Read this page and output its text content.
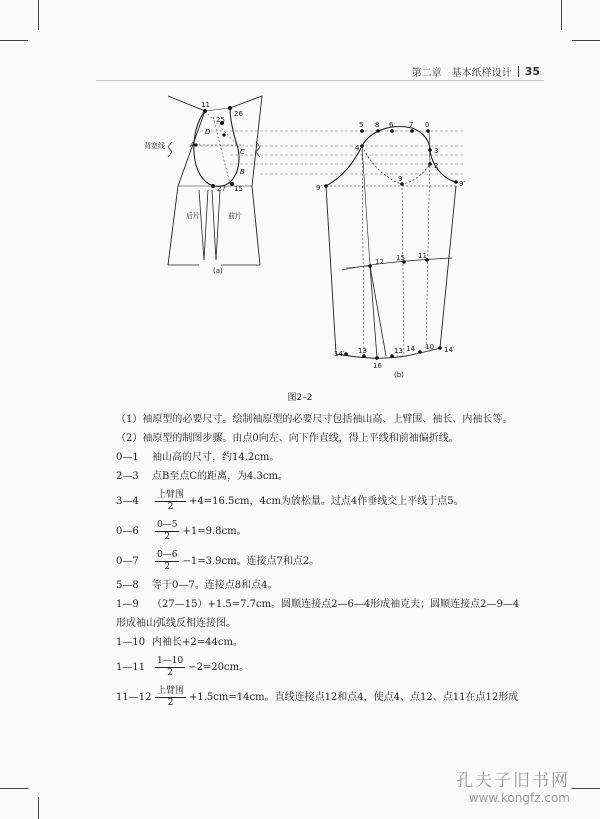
第二章　基本纸样设计 35
背宽线
11
25
26
D
A
C
B
27 15
后片	前片
(a)
5 8 6 7 0
4	3
2
9
9′	9′
12 15 11
14′ 13
16
13 14 10 14′
(b)
图2–2

（1）袖原型的必要尺寸。绘制袖原型的必要尺寸包括袖山高、上臂围、袖长、内袖长等。

（2）袖原型的制图步骤。由点0向左、向下作直线，得上平线和前袖偏折线。

0—1	袖山高的尺寸，约14.2cm。
2—3	点B至点C的距离，为4.3cm。
3—4	$\frac{\text{上臂围}}{2} +4=16.5cm$，4cm为放松量。过点4作垂线交上平线于点5。
0—6	$\frac{0—5}{2} +1=9.8cm$。
0—7	$\frac{0—6}{2} -1=3.9cm$。连接点7和点2。
5—8	等于0—7。连接点8和点4。

1—9 （27—15）+1.5=7.7cm。圆顺连接点2—6—4形成袖克夫；圆顺连接点2—9—4形成袖山弧线反相连接图。

1—10 内袖长+2=44cm。
1—11	$\frac{1—10}{2} -2=20cm$。
11—12 $\frac{\text{上臂围}}{2} +1.5cm=14cm$。直线连接点12和点4，使点4、点12、点11在点12形成
孔夫子旧书网
www.kongfz.com
